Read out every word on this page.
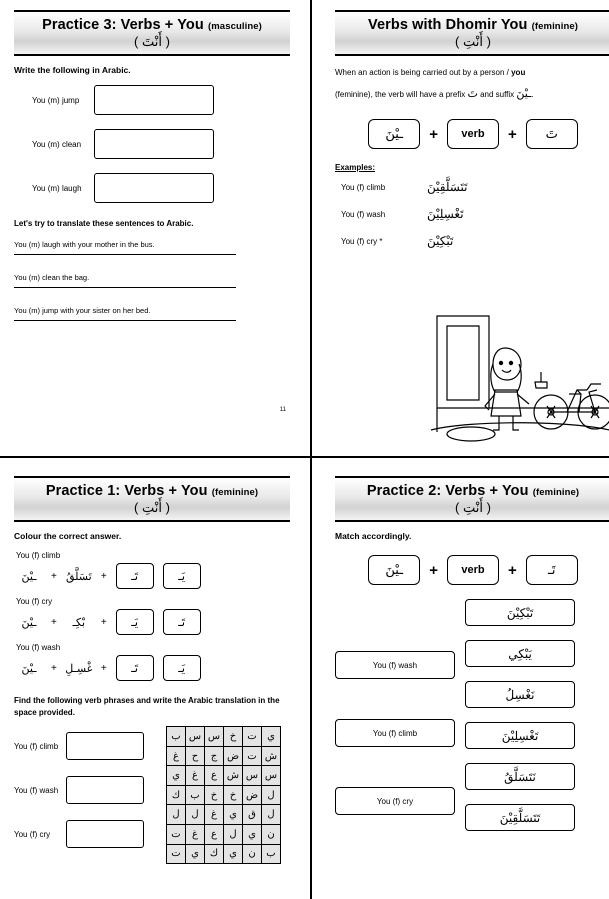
Practice 3: Verbs + You (masculine)
( أَنْتَ )
Write the following in Arabic.
You (m) jump
You (m) clean
You (m) laugh
Let's try to translate these sentences to Arabic.
You (m) laugh with your mother in the bus.
You (m) clean the bag.
You (m) jump with your sister on her bed.
11
Verbs with Dhomir You (feminine)
( أَنْتِ )
When an action is being carried out by a person / you
(feminine), the verb will have a prefix تَ and suffix ـيْنَ.
ـيْنَ	+	verb	+	تَ
Examples:
You (f) climb	تَتَسَلَّقِيْنَ
You (f) wash	تَغْسِلِيْنَ
You (f) cry *	تَبْكِيْنَ
Practice 1: Verbs + You (feminine)
( أَنْتِ )
Colour the correct answer.
You (f) climb
ـيْنَ	+ تَسَلَّقُ +	تَـ	يَـ
You (f) cry
ـيْنَ	+	بْكِـ	+	يَـ	تَـ
You (f) wash
ـيْنَ	+ غْسِـلِ +	تَـ	يَـ
Find the following verb phrases and write the Arabic translation in the space provided.
You (f) climb
You (f) wash
You (f) cry
ب	س	س	خ	ت	ي
غ	ح	ج	ض	ت	ش
ي	غ	ع	ش	س	س
ك	ب	خ	خ	ض	ل
ل	ل	غ	ي	ق	ل
ت	غ	ع	ل	ي	ن
ت	ي	ك	ي	ن	ب
Practice 2: Verbs + You (feminine)
( أَنْتِ )
Match accordingly.
ـيْنَ	+	verb	+	تَـ
You (f) wash
You (f) climb
You (f) cry
تَبْكِيْنَ
يَبْكِي
نَغْسِلُ
تَغْسِلِيْنَ
نَتَسَلَّقُ
تَتَسَلَّقِيْنَ
